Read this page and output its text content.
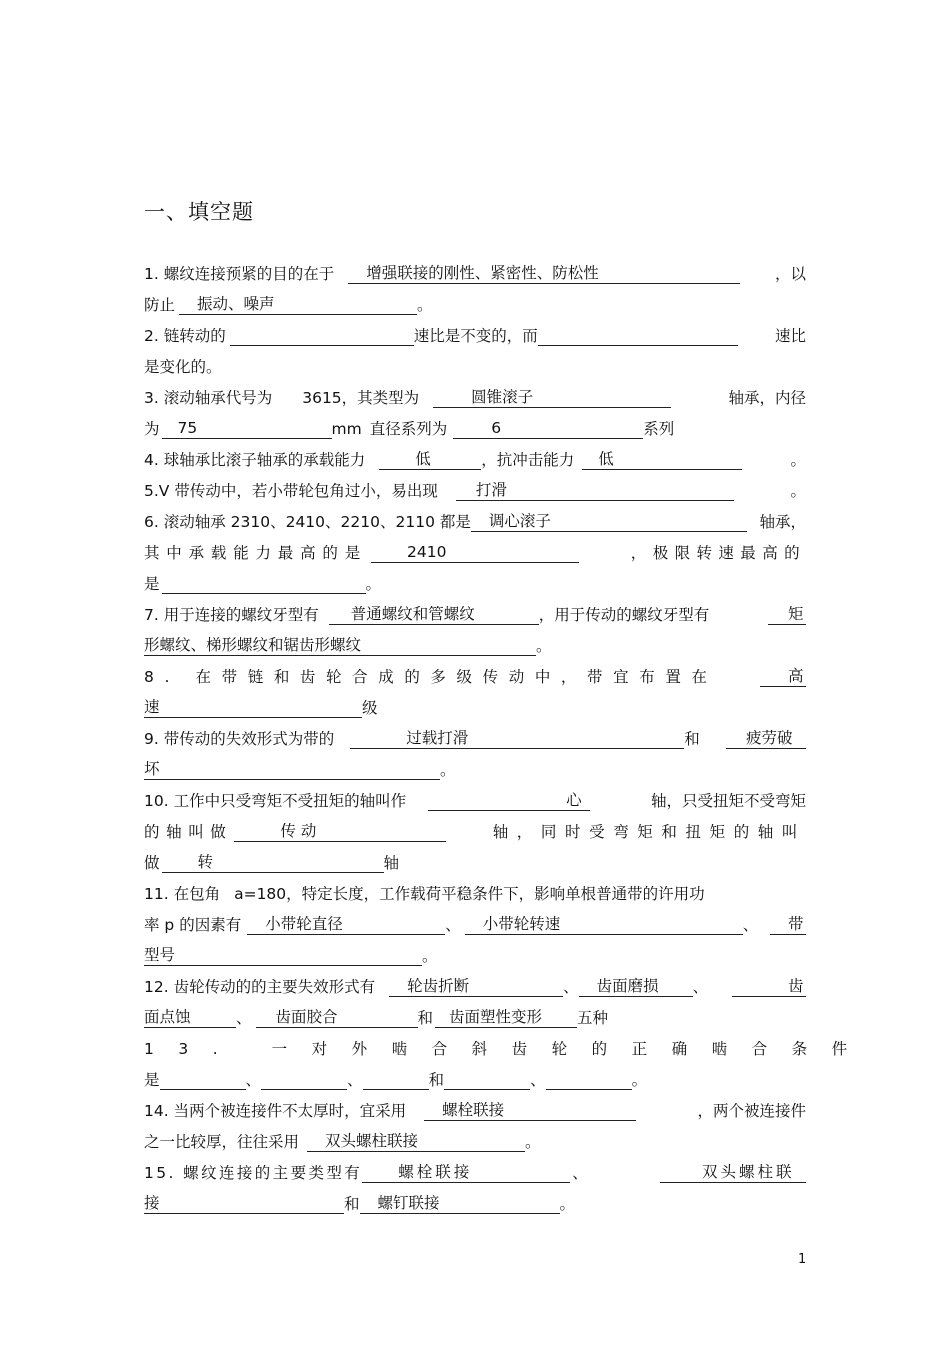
一、填空题
1. 螺纹连接预紧的目的在于 增强联接的刚性、紧密性、防松性	，以
防止 振动、噪声	。
2. 链转动的	速比是不变的，而	速比
是变化的。
3. 滚动轴承代号为 3615，其类型为	圆锥滚子	轴承，内径
为 75	mm 直径系列为	6	系列
4. 球轴承比滚子轴承的承载能力	低	，抗冲击能力 低	。
5.V 带传动中，若小带轮包角过小，易出现 打滑	。
6. 滚动轴承 2310、2410、2210、2110 都是 调心滚子	轴承，
其中承载能力最高的是	2410	，极限转速最高的
是	。
7. 用于连接的螺纹牙型有 普通螺纹和管螺纹	，用于传动的螺纹牙型有	矩
形螺纹、梯形螺纹和锯齿形螺纹	。
8. 在带链和齿轮合成的多级传动中，带宜布置在	高
速	级
9. 带传动的失效形式为带的	过载打滑	和	疲劳破
坏	。
10. 工作中只受弯矩不受扭矩的轴叫作	心	轴，只受扭矩不受弯矩
的轴叫做	传 动	轴，同时受弯矩和扭矩的轴叫
做 转	轴
11. 在包角 a=180，特定长度，工作载荷平稳条件下，影响单根普通带的许用功
率 p 的因素有 小带轮直径	、 小带轮转速	、	带
型号	。
12. 齿轮传动的的主要失效形式有 轮齿折断	、 齿面磨损 、	齿
面点蚀	、 齿面胶合	和 齿面塑性变形 五种
13. 一对外啮合斜齿轮的正确啮合条件
是	、	、	和	、	。
14. 当两个被连接件不太厚时，宜采用 螺栓联接	，两个被连接件
之一比较厚，往往采用 双头螺柱联接	。
15. 螺纹连接的主要类型有 螺栓联接	、	双头螺柱联
接	和 螺钉联接	。
1
